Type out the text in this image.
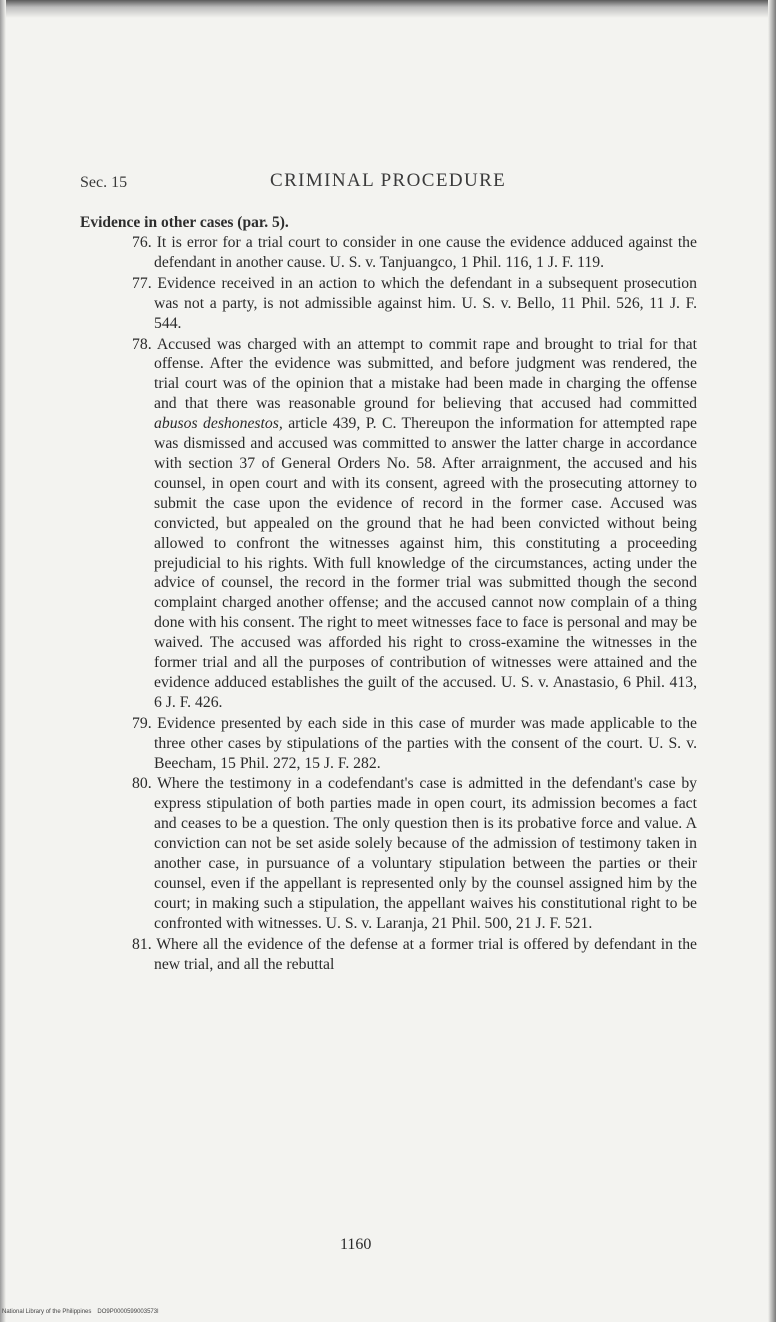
Sec. 15	CRIMINAL PROCEDURE
Evidence in other cases (par. 5).

76. It is error for a trial court to consider in one cause the evidence adduced against the defendant in another cause. U. S. v. Tanjuangco, 1 Phil. 116, 1 J. F. 119.

77. Evidence received in an action to which the defendant in a subsequent prosecution was not a party, is not admissible against him. U. S. v. Bello, 11 Phil. 526, 11 J. F. 544.

78. Accused was charged with an attempt to commit rape and brought to trial for that offense. After the evidence was submitted, and before judgment was rendered, the trial court was of the opinion that a mistake had been made in charging the offense and that there was reasonable ground for believing that accused had committed abusos deshonestos, article 439, P. C. Thereupon the information for attempted rape was dismissed and accused was committed to answer the latter charge in accordance with section 37 of General Orders No. 58. After arraignment, the accused and his counsel, in open court and with its consent, agreed with the prosecuting attorney to submit the case upon the evidence of record in the former case. Accused was convicted, but appealed on the ground that he had been convicted without being allowed to confront the witnesses against him, this constituting a proceeding prejudicial to his rights. With full knowledge of the circumstances, acting under the advice of counsel, the record in the former trial was submitted though the second complaint charged another offense; and the accused cannot now complain of a thing done with his consent. The right to meet witnesses face to face is personal and may be waived. The accused was afforded his right to cross-examine the witnesses in the former trial and all the purposes of contribution of witnesses were attained and the evidence adduced establishes the guilt of the accused. U. S. v. Anastasio, 6 Phil. 413, 6 J. F. 426.

79. Evidence presented by each side in this case of murder was made applicable to the three other cases by stipulations of the parties with the consent of the court. U. S. v. Beecham, 15 Phil. 272, 15 J. F. 282.

80. Where the testimony in a codefendant's case is admitted in the defendant's case by express stipulation of both parties made in open court, its admission becomes a fact and ceases to be a question. The only question then is its probative force and value. A conviction can not be set aside solely because of the admission of testimony taken in another case, in pursuance of a voluntary stipulation between the parties or their counsel, even if the appellant is represented only by the counsel assigned him by the court; in making such a stipulation, the appellant waives his constitutional right to be confronted with witnesses. U. S. v. Laranja, 21 Phil. 500, 21 J. F. 521.

81. Where all the evidence of the defense at a former trial is offered by defendant in the new trial, and all the rebuttal

1160
National Library of the Philippines DO9P0000599003573l
